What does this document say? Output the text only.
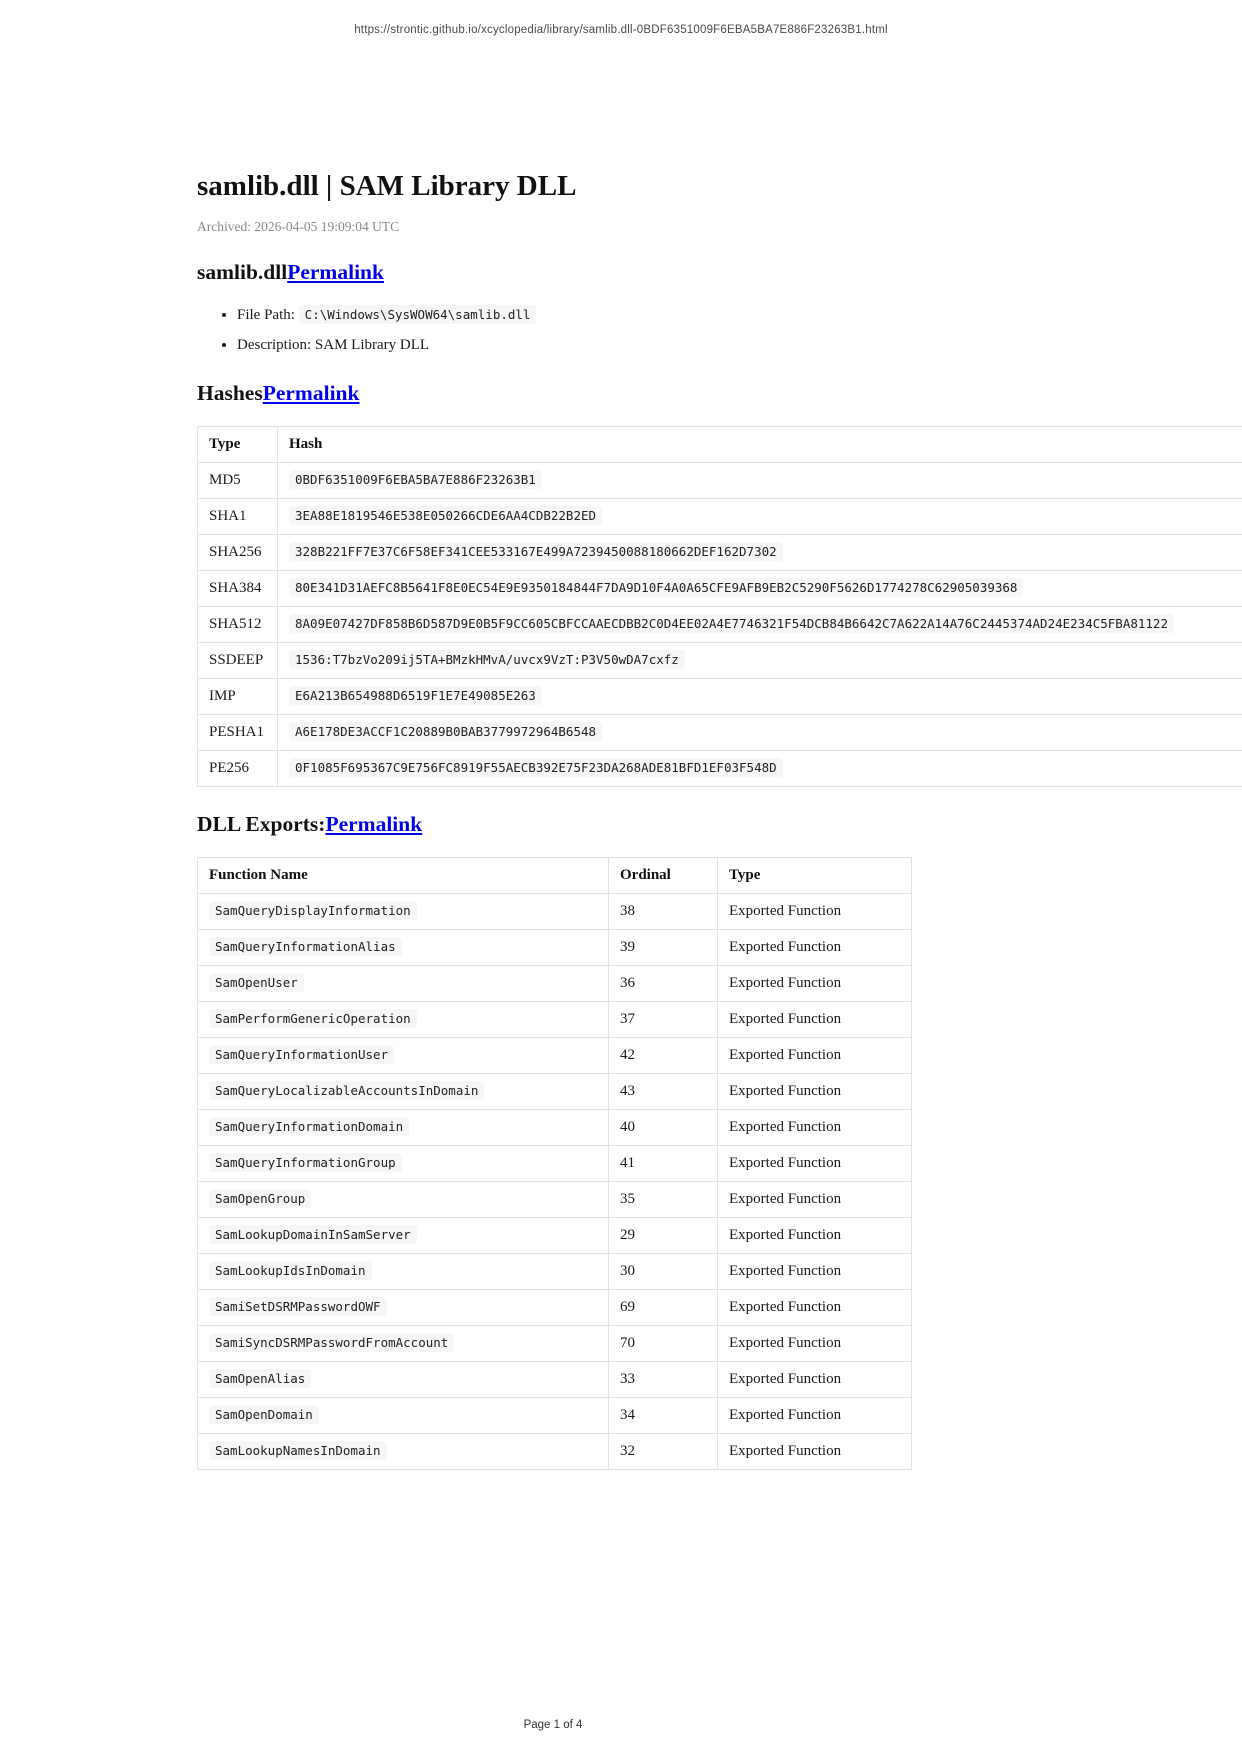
https://strontic.github.io/xcyclopedia/library/samlib.dll-0BDF6351009F6EBA5BA7E886F23263B1.html
samlib.dll | SAM Library DLL
Archived: 2026-04-05 19:09:04 UTC
samlib.dllPermalink
• File Path: C:\Windows\SysWOW64\samlib.dll
• Description: SAM Library DLL
HashesPermalink
Type	Hash
MD5	0BDF6351009F6EBA5BA7E886F23263B1
SHA1	3EA88E1819546E538E050266CDE6AA4CDB22B2ED
SHA256	328B221FF7E37C6F58EF341CEE533167E499A7239450088180662DEF162D7302
SHA384	80E341D31AEFC8B5641F8E0EC54E9E9350184844F7DA9D10F4A0A65CFE9AFB9EB2C5290F5626D1774278C62905039368
SHA512	8A09E07427DF858B6D587D9E0B5F9CC605CBFCCAAECDBB2C0D4EE02A4E7746321F54DCB84B6642C7A622A14A76C2445374AD24E234C5FBA81122
SSDEEP	1536:T7bzVo209ij5TA+BMzkHMvA/uvcx9VzT:P3V50wDA7cxfz
IMP	E6A213B654988D6519F1E7E49085E263
PESHA1	A6E178DE3ACCF1C20889B0BAB3779972964B6548
PE256	0F1085F695367C9E756FC8919F55AECB392E75F23DA268ADE81BFD1EF03F548D
DLL Exports:Permalink
Function Name	Ordinal	Type
SamQueryDisplayInformation	38	Exported Function
SamQueryInformationAlias	39	Exported Function
SamOpenUser	36	Exported Function
SamPerformGenericOperation	37	Exported Function
SamQueryInformationUser	42	Exported Function
SamQueryLocalizableAccountsInDomain	43	Exported Function
SamQueryInformationDomain	40	Exported Function
SamQueryInformationGroup	41	Exported Function
SamOpenGroup	35	Exported Function
SamLookupDomainInSamServer	29	Exported Function
SamLookupIdsInDomain	30	Exported Function
SamiSetDSRMPasswordOWF	69	Exported Function
SamiSyncDSRMPasswordFromAccount	70	Exported Function
SamOpenAlias	33	Exported Function
SamOpenDomain	34	Exported Function
SamLookupNamesInDomain	32	Exported Function
Page 1 of 4
